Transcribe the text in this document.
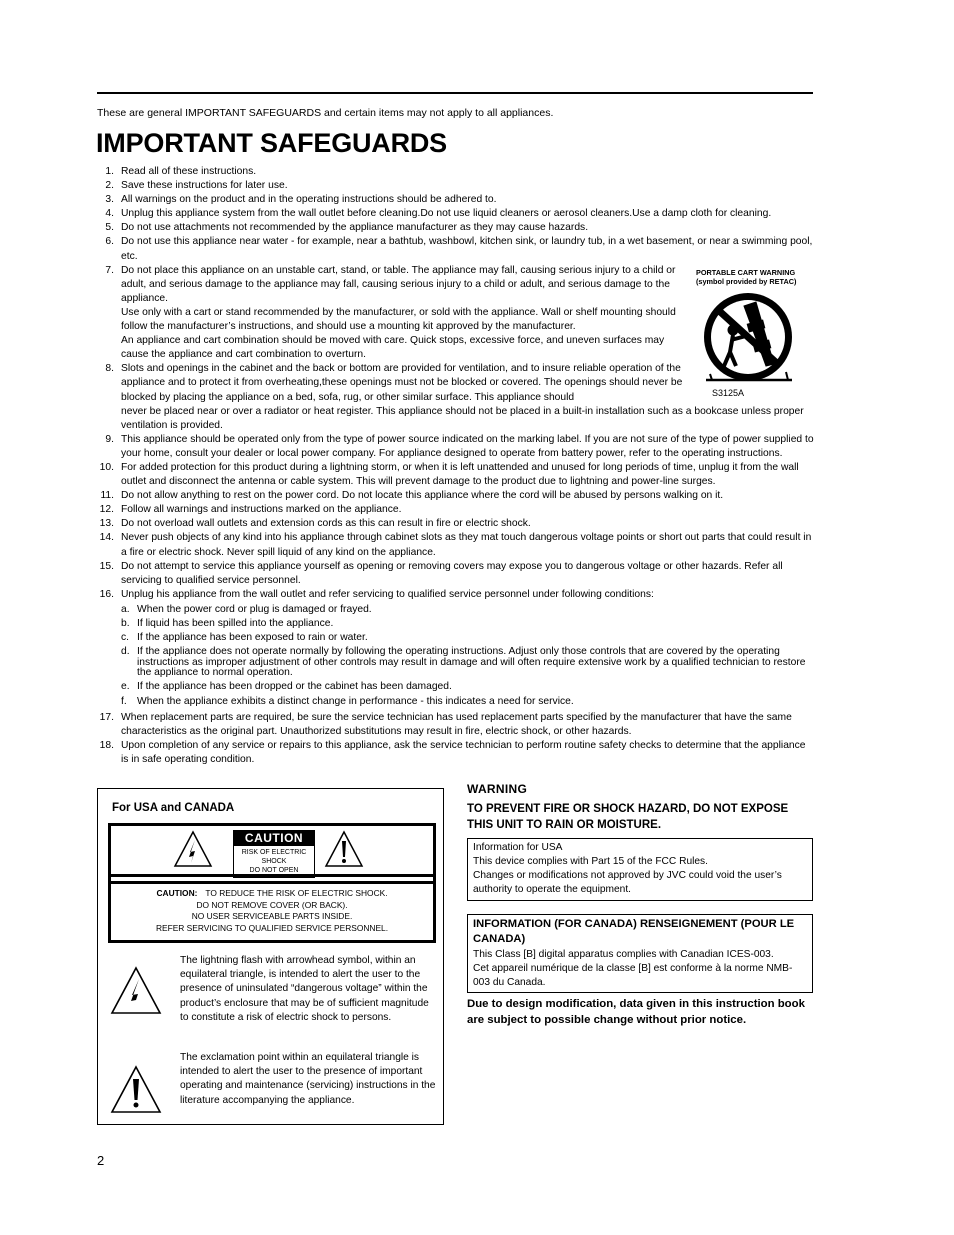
These are general IMPORTANT SAFEGUARDS and certain items may not apply to all appliances.
IMPORTANT SAFEGUARDS
1. Read all of these instructions.
2. Save these instructions for later use.
3. All warnings on the product and in the operating instructions should be adhered to.
4. Unplug this appliance system from the wall outlet before cleaning.Do not use liquid cleaners or aerosol cleaners.Use a damp cloth for cleaning.
5. Do not use attachments not recommended by the appliance manufacturer as they may cause hazards.
6. Do not use this appliance near water - for example, near a bathtub, washbowl, kitchen sink, or laundry tub, in a wet basement, or near a swimming pool, etc.
7. Do not place this appliance on an unstable cart, stand, or table. The appliance may fall, causing serious injury to a child or adult, and serious damage to the appliance may fall, causing serious injury to a child or adult, and serious damage to the appliance.
Use only with a cart or stand recommended by the manufacturer, or sold with the appliance. Wall or shelf mounting should follow the manufacturer’s instructions, and should use a mounting kit approved by the manufacturer.
An appliance and cart combination should be moved with care. Quick stops, excessive force, and uneven surfaces may cause the appliance and cart combination to overturn.
8. Slots and openings in the cabinet and the back or bottom are provided for ventilation, and to insure reliable operation of the appliance and to protect it from overheating,these openings must not be blocked or covered. The openings should never be blocked by placing the appliance on a bed, sofa, rug, or other similar surface. This appliance should
never be placed near or over a radiator or heat register. This appliance should not be placed in a built-in installation such as a bookcase unless proper ventilation is provided.
9. This appliance should be operated only from the type of power source indicated on the marking label. If you are not sure of the type of power supplied to your home, consult your dealer or local power company. For appliance designed to operate from battery power, refer to the operating instructions.
10. For added protection for this product during a lightning storm, or when it is left unattended and unused for long periods of time, unplug it from the wall outlet and disconnect the antenna or cable system. This will prevent damage to the product due to lightning and power-line surges.
11. Do not allow anything to rest on the power cord. Do not locate this appliance where the cord will be abused by persons walking on it.
12. Follow all warnings and instructions marked on the appliance.
13. Do not overload wall outlets and extension cords as this can result in fire or electric shock.
14. Never push objects of any kind into his appliance through cabinet slots as they mat touch dangerous voltage points or short out parts that could result in a fire or electric shock. Never spill liquid of any kind on the appliance.
15. Do not attempt to service this appliance yourself as opening or removing covers may expose you to dangerous voltage or other hazards. Refer all servicing to qualified service personnel.
16. Unplug his appliance from the wall outlet and refer servicing to qualified service personnel under following conditions:
a. When the power cord or plug is damaged or frayed.
b. If liquid has been spilled into the appliance.
c. If the appliance has been exposed to rain or water.
d. If the appliance does not operate normally by following the operating instructions. Adjust only those controls that are covered by the operating instructions as improper adjustment of other controls may result in damage and will often require extensive work by a qualified technician to restore the appliance to normal operation.
e. If the appliance has been dropped or the cabinet has been damaged.
f. When the appliance exhibits a distinct change in performance - this indicates a need for service.
17. When replacement parts are required, be sure the service technician has used replacement parts specified by the manufacturer that have the same characteristics as the original part. Unauthorized substitutions may result in fire, electric shock, or other hazards.
18. Upon completion of any service or repairs to this appliance, ask the service technician to perform routine safety checks to determine that the appliance is in safe operating condition.
PORTABLE CART WARNING
(symbol provided by RETAC)
S3125A
For USA and CANADA
CAUTION
RISK OF ELECTRIC SHOCK
DO NOT OPEN
CAUTION: TO REDUCE THE RISK OF ELECTRIC SHOCK.
DO NOT REMOVE COVER (OR BACK).
NO USER SERVICEABLE PARTS INSIDE.
REFER SERVICING TO QUALIFIED SERVICE PERSONNEL.
The lightning flash with arrowhead symbol, within an equilateral triangle, is intended to alert the user to the presence of uninsulated “dangerous voltage” within the product’s enclosure that may be of sufficient magnitude to constitute a risk of electric shock to persons.
The exclamation point within an equilateral triangle is intended to alert the user to the presence of important operating and maintenance (servicing) instructions in the literature accompanying the appliance.
WARNING
TO PREVENT FIRE OR SHOCK HAZARD, DO NOT EXPOSE THIS UNIT TO RAIN OR MOISTURE.
Information for USA
This device complies with Part 15 of the FCC Rules.
Changes or modifications not approved by JVC could void the user’s authority to operate the equipment.
INFORMATION (FOR CANADA) RENSEIGNEMENT (POUR LE CANADA)
This Class [B] digital apparatus complies with Canadian ICES-003.
Cet appareil numérique de la classe [B] est conforme à la norme NMB-003 du Canada.
Due to design modification, data given in this instruction book are subject to possible change without prior notice.
2
